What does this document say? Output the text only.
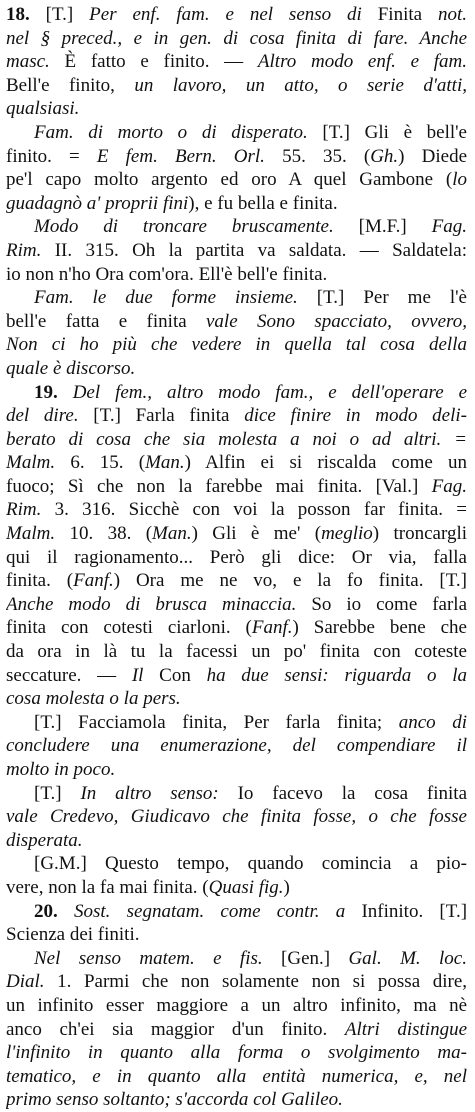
18. [T.] Per enf. fam. e nel senso di Finita not.
nel § preced., e in gen. di cosa finita di fare. Anche
masc. È fatto e finito. — Altro modo enf. e fam.
Bell'e finito, un lavoro, un atto, o serie d'atti,
qualsiasi.
Fam. di morto o di disperato. [T.] Gli è bell'e
finito. = E fem. Bern. Orl. 55. 35. (Gh.) Diede
pe'l capo molto argento ed oro A quel Gambone (lo
guadagnò a' proprii fini), e fu bella e finita.
Modo di troncare bruscamente. [M.F.] Fag.
Rim. II. 315. Oh la partita va saldata. — Saldatela:
io non n'ho Ora com'ora. Ell'è bell'e finita.
Fam. le due forme insieme. [T.] Per me l'è
bell'e fatta e finita vale Sono spacciato, ovvero,
Non ci ho più che vedere in quella tal cosa della
quale è discorso.
19. Del fem., altro modo fam., e dell'operare e
del dire. [T.] Farla finita dice finire in modo deli-
berato di cosa che sia molesta a noi o ad altri. =
Malm. 6. 15. (Man.) Alfin ei si riscalda come un
fuoco; Sì che non la farebbe mai finita. [Val.] Fag.
Rim. 3. 316. Sicchè con voi la posson far finita. =
Malm. 10. 38. (Man.) Gli è me' (meglio) troncargli
qui il ragionamento... Però gli dice: Or via, falla
finita. (Fanf.) Ora me ne vo, e la fo finita. [T.]
Anche modo di brusca minaccia. So io come farla
finita con cotesti ciarloni. (Fanf.) Sarebbe bene che
da ora in là tu la facessi un po' finita con coteste
seccature. — Il Con ha due sensi: riguarda o la
cosa molesta o la pers.
[T.] Facciamola finita, Per farla finita; anco di
concludere una enumerazione, del compendiare il
molto in poco.
[T.] In altro senso: Io facevo la cosa finita
vale Credevo, Giudicavo che finita fosse, o che fosse
disperata.
[G.M.] Questo tempo, quando comincia a pio-
vere, non la fa mai finita. (Quasi fig.)
20. Sost. segnatam. come contr. a Infinito. [T.]
Scienza dei finiti.
Nel senso matem. e fis. [Gen.] Gal. M. loc.
Dial. 1. Parmi che non solamente non si possa dire,
un infinito esser maggiore a un altro infinito, ma nè
anco ch'ei sia maggior d'un finito. Altri distingue
l'infinito in quanto alla forma o svolgimento ma-
tematico, e in quanto alla entità numerica, e, nel
primo senso soltanto; s'accorda col Galileo.
